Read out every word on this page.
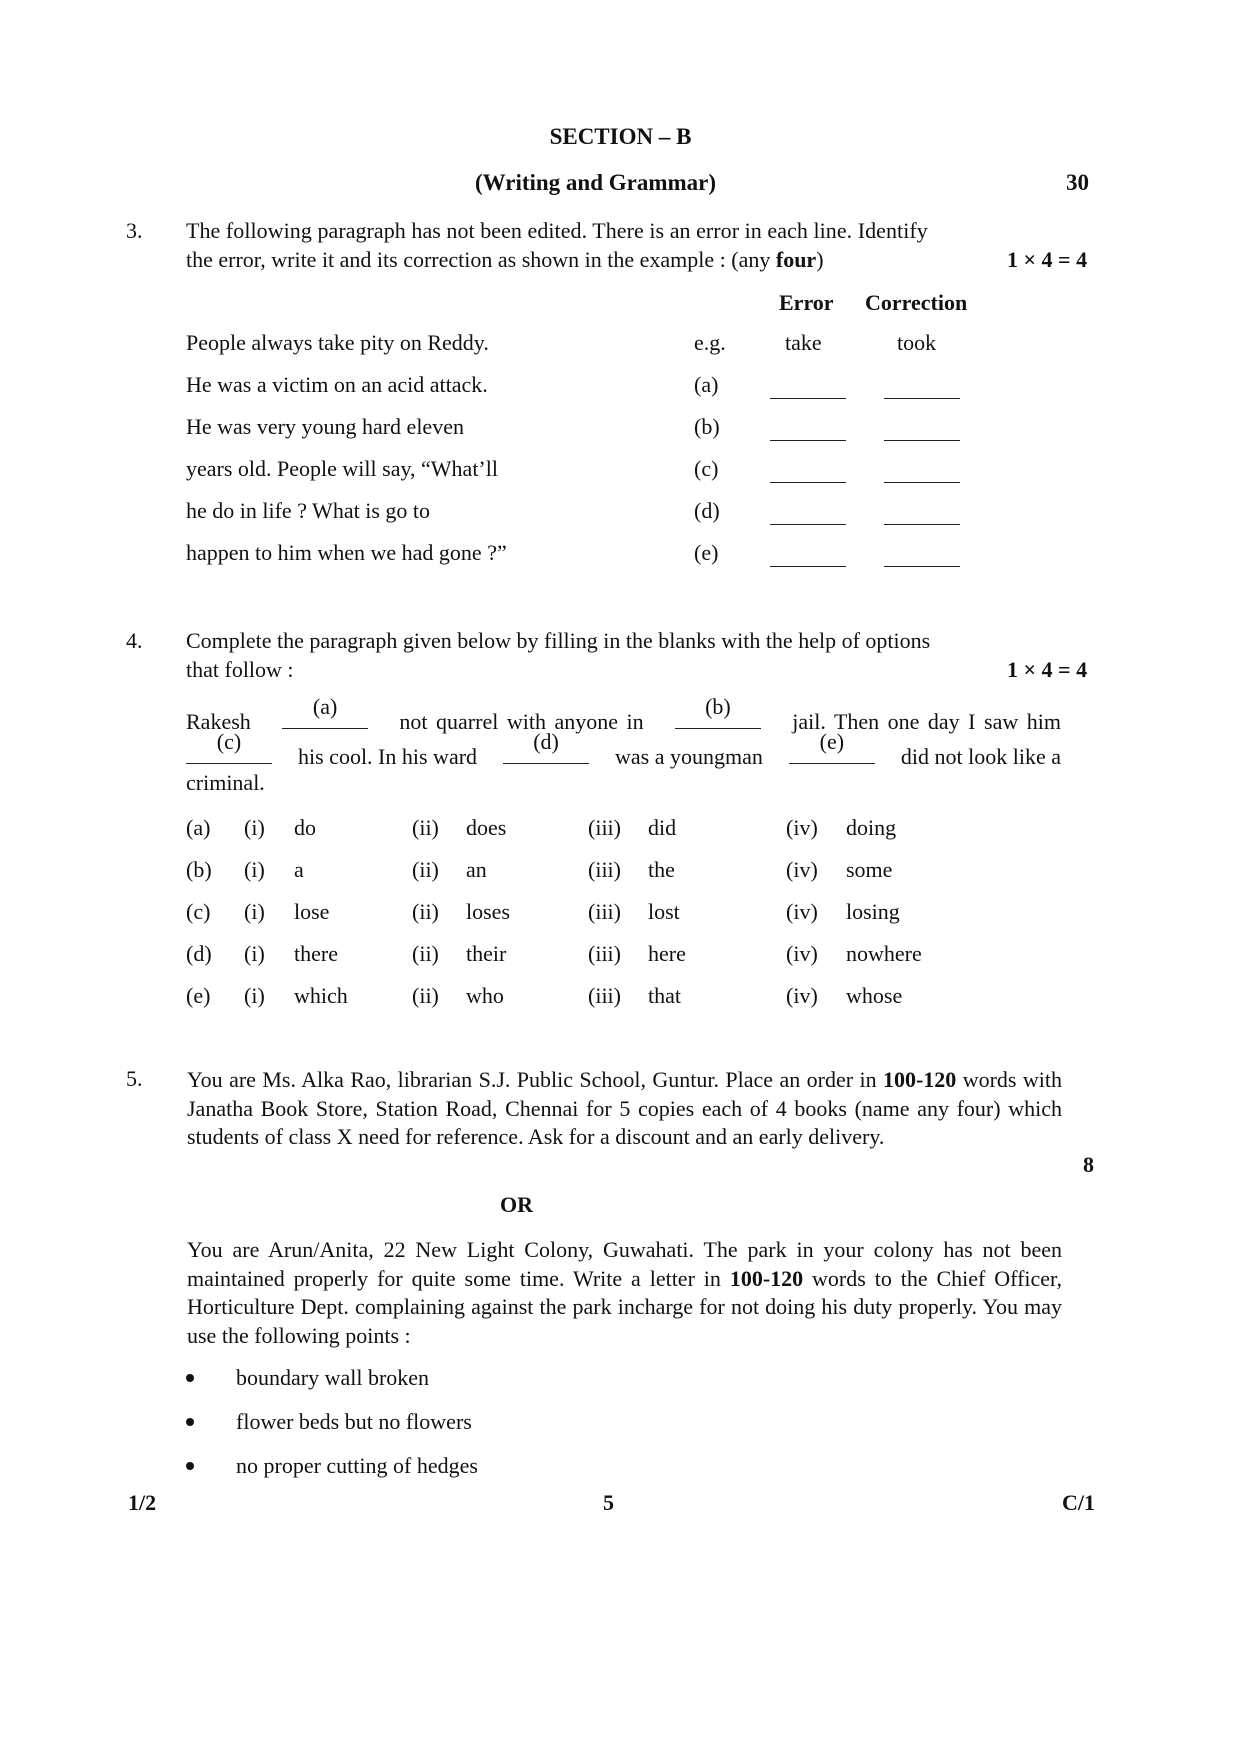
SECTION – B
(Writing and Grammar)	30
3. The following paragraph has not been edited. There is an error in each line. Identify
the error, write it and its correction as shown in the example : (any four)	1 × 4 = 4
Error Correction
People always take pity on Reddy.	e.g.	take	took
He was a victim on an acid attack.	(a)
He was very young hard eleven	(b)
years old. People will say, “What’ll	(c)
he do in life ? What is go to	(d)
happen to him when we had gone ?”	(e)
4. Complete the paragraph given below by filling in the blanks with the help of options
that follow :	1 × 4 = 4
Rakesh
(a)
not quarrel with anyone in
(b)
jail. Then one day I saw him
(c)
his cool. In his ward
(d)
was a youngman
(e)
did not look like a
criminal.
(a) (i) do	(ii) does	(iii) did	(iv) doing
(b) (i) a	(ii) an	(iii) the	(iv) some
(c) (i) lose	(ii) loses	(iii) lost	(iv) losing
(d) (i) there	(ii) their	(iii) here	(iv) nowhere
(e) (i) which	(ii) who	(iii) that	(iv) whose
5. You are Ms. Alka Rao, librarian S.J. Public School, Guntur. Place an order in 100-120 words with Janatha Book Store, Station Road, Chennai for 5 copies each of 4 books (name any four) which students of class X need for reference. Ask for a discount and an early delivery.
8
OR
You are Arun/Anita, 22 New Light Colony, Guwahati. The park in your colony has not been maintained properly for quite some time. Write a letter in 100-120 words to the Chief Officer, Horticulture Dept. complaining against the park incharge for not doing his duty properly. You may use the following points :
boundary wall broken
flower beds but no flowers
no proper cutting of hedges
1/2	5	C/1
